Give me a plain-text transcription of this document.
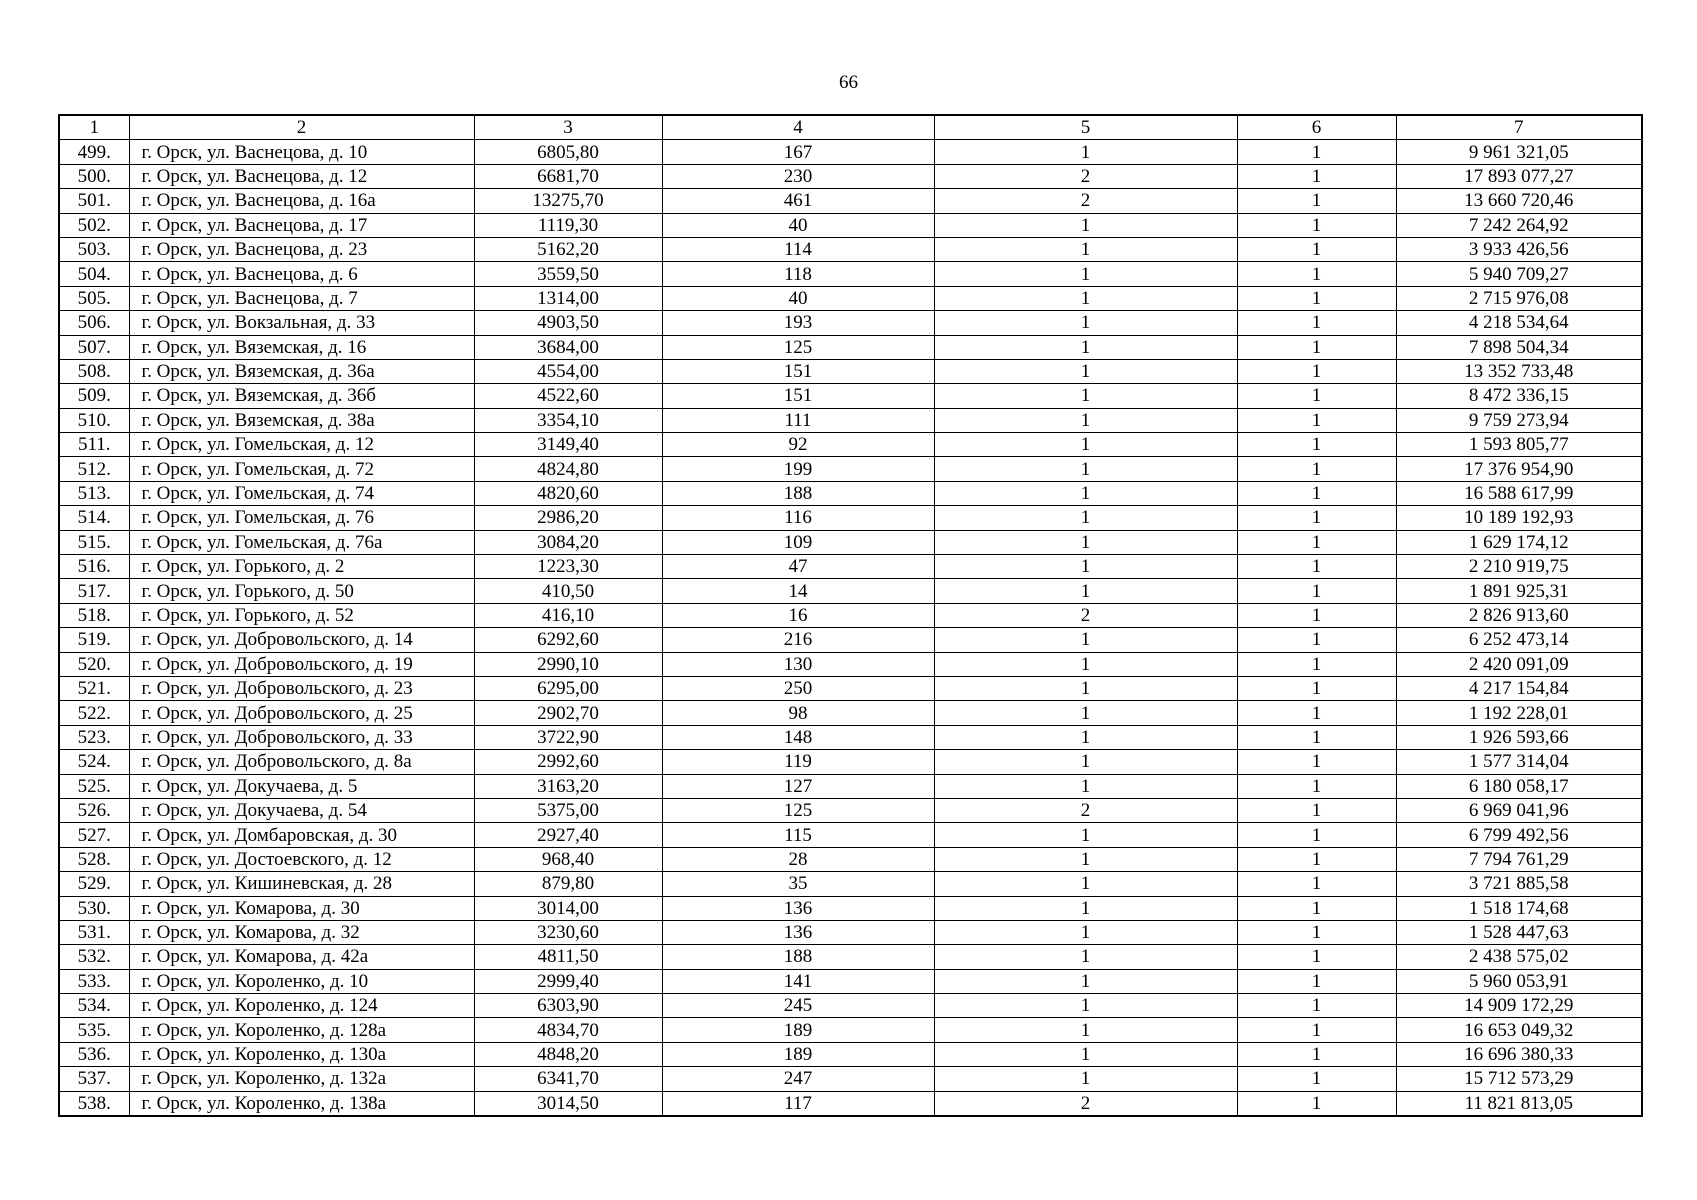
66
1	2	3	4	5	6	7
499.	г. Орск, ул. Васнецова, д. 10	6805,80	167	1	1	9 961 321,05
500.	г. Орск, ул. Васнецова, д. 12	6681,70	230	2	1	17 893 077,27
501.	г. Орск, ул. Васнецова, д. 16а	13275,70	461	2	1	13 660 720,46
502.	г. Орск, ул. Васнецова, д. 17	1119,30	40	1	1	7 242 264,92
503.	г. Орск, ул. Васнецова, д. 23	5162,20	114	1	1	3 933 426,56
504.	г. Орск, ул. Васнецова, д. 6	3559,50	118	1	1	5 940 709,27
505.	г. Орск, ул. Васнецова, д. 7	1314,00	40	1	1	2 715 976,08
506.	г. Орск, ул. Вокзальная, д. 33	4903,50	193	1	1	4 218 534,64
507.	г. Орск, ул. Вяземская, д. 16	3684,00	125	1	1	7 898 504,34
508.	г. Орск, ул. Вяземская, д. 36а	4554,00	151	1	1	13 352 733,48
509.	г. Орск, ул. Вяземская, д. 36б	4522,60	151	1	1	8 472 336,15
510.	г. Орск, ул. Вяземская, д. 38а	3354,10	111	1	1	9 759 273,94
511.	г. Орск, ул. Гомельская, д. 12	3149,40	92	1	1	1 593 805,77
512.	г. Орск, ул. Гомельская, д. 72	4824,80	199	1	1	17 376 954,90
513.	г. Орск, ул. Гомельская, д. 74	4820,60	188	1	1	16 588 617,99
514.	г. Орск, ул. Гомельская, д. 76	2986,20	116	1	1	10 189 192,93
515.	г. Орск, ул. Гомельская, д. 76а	3084,20	109	1	1	1 629 174,12
516.	г. Орск, ул. Горького, д. 2	1223,30	47	1	1	2 210 919,75
517.	г. Орск, ул. Горького, д. 50	410,50	14	1	1	1 891 925,31
518.	г. Орск, ул. Горького, д. 52	416,10	16	2	1	2 826 913,60
519.	г. Орск, ул. Добровольского, д. 14	6292,60	216	1	1	6 252 473,14
520.	г. Орск, ул. Добровольского, д. 19	2990,10	130	1	1	2 420 091,09
521.	г. Орск, ул. Добровольского, д. 23	6295,00	250	1	1	4 217 154,84
522.	г. Орск, ул. Добровольского, д. 25	2902,70	98	1	1	1 192 228,01
523.	г. Орск, ул. Добровольского, д. 33	3722,90	148	1	1	1 926 593,66
524.	г. Орск, ул. Добровольского, д. 8а	2992,60	119	1	1	1 577 314,04
525.	г. Орск, ул. Докучаева, д. 5	3163,20	127	1	1	6 180 058,17
526.	г. Орск, ул. Докучаева, д. 54	5375,00	125	2	1	6 969 041,96
527.	г. Орск, ул. Домбаровская, д. 30	2927,40	115	1	1	6 799 492,56
528.	г. Орск, ул. Достоевского, д. 12	968,40	28	1	1	7 794 761,29
529.	г. Орск, ул. Кишиневская, д. 28	879,80	35	1	1	3 721 885,58
530.	г. Орск, ул. Комарова, д. 30	3014,00	136	1	1	1 518 174,68
531.	г. Орск, ул. Комарова, д. 32	3230,60	136	1	1	1 528 447,63
532.	г. Орск, ул. Комарова, д. 42а	4811,50	188	1	1	2 438 575,02
533.	г. Орск, ул. Короленко, д. 10	2999,40	141	1	1	5 960 053,91
534.	г. Орск, ул. Короленко, д. 124	6303,90	245	1	1	14 909 172,29
535.	г. Орск, ул. Короленко, д. 128а	4834,70	189	1	1	16 653 049,32
536.	г. Орск, ул. Короленко, д. 130а	4848,20	189	1	1	16 696 380,33
537.	г. Орск, ул. Короленко, д. 132а	6341,70	247	1	1	15 712 573,29
538.	г. Орск, ул. Короленко, д. 138а	3014,50	117	2	1	11 821 813,05
